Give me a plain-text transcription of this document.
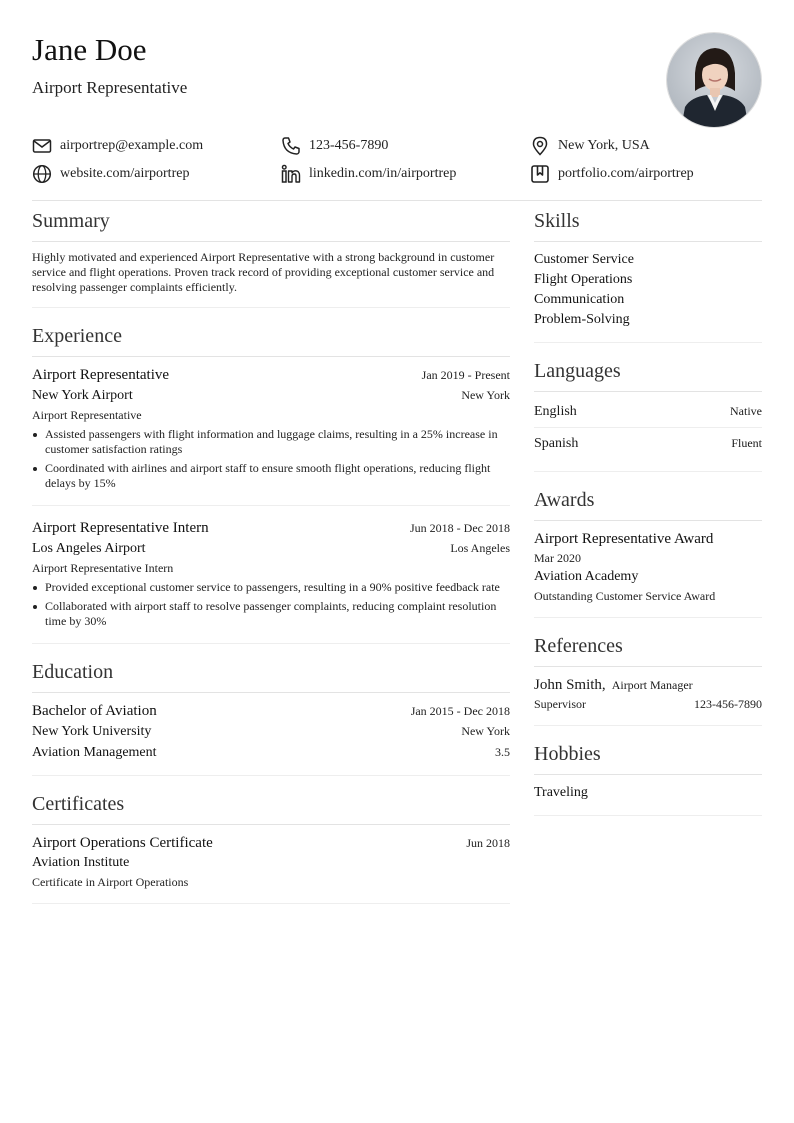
Jane Doe
Airport Representative
airportrep@example.com	123-456-7890	New York, USA
website.com/airportrep	linkedin.com/in/airportrep	portfolio.com/airportrep
Summary
Highly motivated and experienced Airport Representative with a strong background in customer service and flight operations. Proven track record of providing exceptional customer service and resolving passenger complaints efficiently.
Experience
Airport Representative	Jan 2019 - Present
New York Airport	New York
Airport Representative
Assisted passengers with flight information and luggage claims, resulting in a 25% increase in customer satisfaction ratings
Coordinated with airlines and airport staff to ensure smooth flight operations, reducing flight delays by 15%
Airport Representative Intern	Jun 2018 - Dec 2018
Los Angeles Airport	Los Angeles
Airport Representative Intern
Provided exceptional customer service to passengers, resulting in a 90% positive feedback rate
Collaborated with airport staff to resolve passenger complaints, reducing complaint resolution time by 30%
Education
Bachelor of Aviation	Jan 2015 - Dec 2018
New York University	New York
Aviation Management	3.5
Certificates
Airport Operations Certificate	Jun 2018
Aviation Institute
Certificate in Airport Operations
Skills
Customer Service
Flight Operations
Communication
Problem-Solving
Languages
English	Native
Spanish	Fluent
Awards
Airport Representative Award
Mar 2020
Aviation Academy
Outstanding Customer Service Award
References
John Smith, Airport Manager
Supervisor	123-456-7890
Hobbies
Traveling
